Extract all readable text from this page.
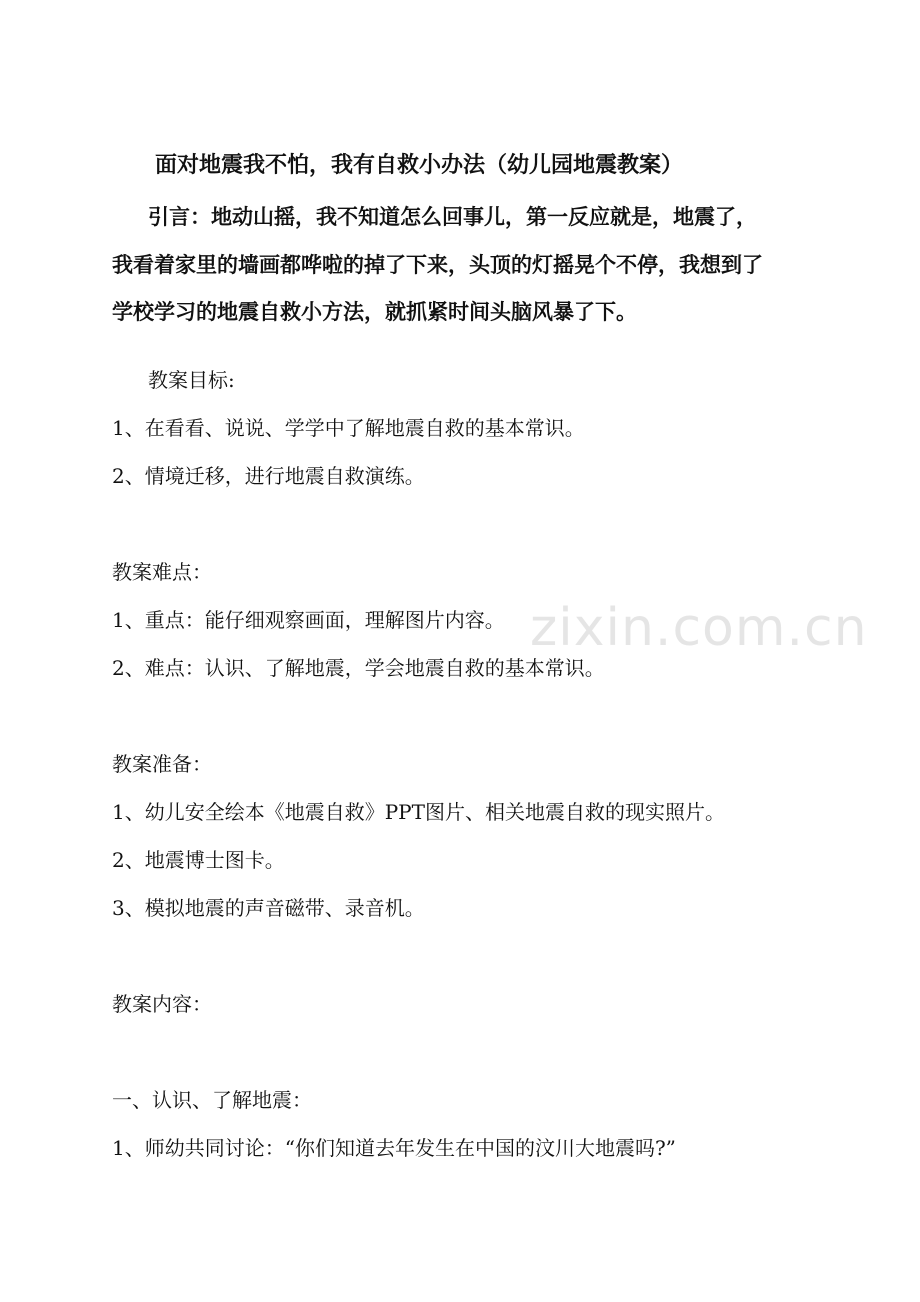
面对地震我不怕，我有自救小办法（幼儿园地震教案）
引言：地动山摇，我不知道怎么回事儿，第一反应就是，地震了，
我看着家里的墙画都哗啦的掉了下来，头顶的灯摇晃个不停，我想到了
学校学习的地震自救小方法，就抓紧时间头脑风暴了下。
教案目标:
1、在看看、说说、学学中了解地震自救的基本常识。
2、情境迁移，进行地震自救演练。
教案难点：
1、重点：能仔细观察画面，理解图片内容。
2、难点：认识、了解地震，学会地震自救的基本常识。
教案准备：
1、幼儿安全绘本《地震自救》PPT图片、相关地震自救的现实照片。
2、地震博士图卡。
3、模拟地震的声音磁带、录音机。
教案内容：
一、认识、了解地震：
1、师幼共同讨论：“你们知道去年发生在中国的汶川大地震吗?”
zixin.com.cn
